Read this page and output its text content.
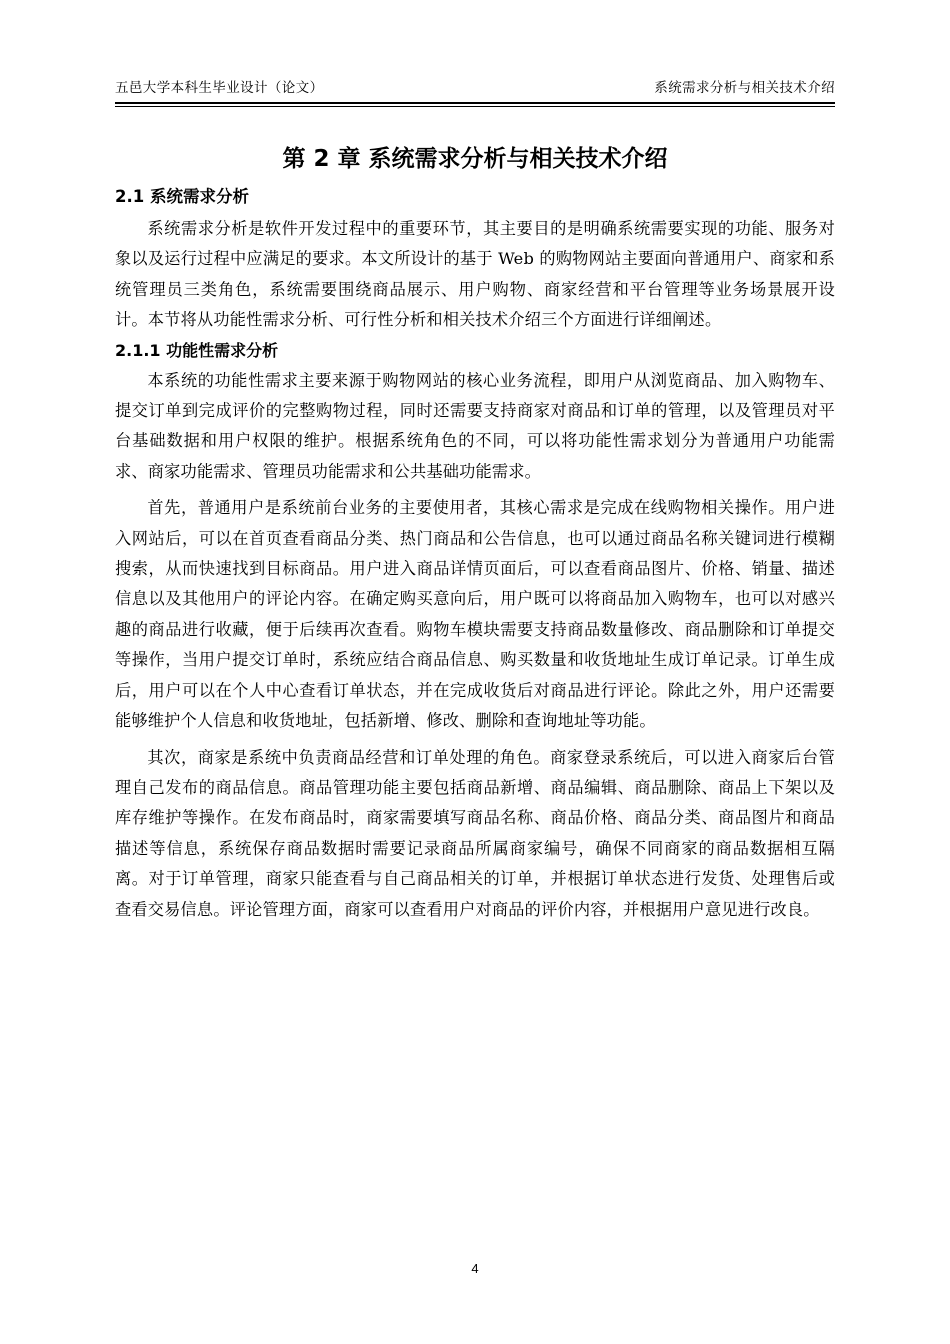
五邑大学本科生毕业设计（论文）	系统需求分析与相关技术介绍
第 2 章 系统需求分析与相关技术介绍
2.1 系统需求分析

系统需求分析是软件开发过程中的重要环节，其主要目的是明确系统需要实现的功能、服务对象以及运行过程中应满足的要求。本文所设计的基于 Web 的购物网站主要面向普通用户、商家和系统管理员三类角色，系统需要围绕商品展示、用户购物、商家经营和平台管理等业务场景展开设计。本节将从功能性需求分析、可行性分析和相关技术介绍三个方面进行详细阐述。

2.1.1 功能性需求分析

本系统的功能性需求主要来源于购物网站的核心业务流程，即用户从浏览商品、加入购物车、提交订单到完成评价的完整购物过程，同时还需要支持商家对商品和订单的管理，以及管理员对平台基础数据和用户权限的维护。根据系统角色的不同，可以将功能性需求划分为普通用户功能需求、商家功能需求、管理员功能需求和公共基础功能需求。

首先，普通用户是系统前台业务的主要使用者，其核心需求是完成在线购物相关操作。用户进入网站后，可以在首页查看商品分类、热门商品和公告信息，也可以通过商品名称关键词进行模糊搜索，从而快速找到目标商品。用户进入商品详情页面后，可以查看商品图片、价格、销量、描述信息以及其他用户的评论内容。在确定购买意向后，用户既可以将商品加入购物车，也可以对感兴趣的商品进行收藏，便于后续再次查看。购物车模块需要支持商品数量修改、商品删除和订单提交等操作，当用户提交订单时，系统应结合商品信息、购买数量和收货地址生成订单记录。订单生成后，用户可以在个人中心查看订单状态，并在完成收货后对商品进行评论。除此之外，用户还需要能够维护个人信息和收货地址，包括新增、修改、删除和查询地址等功能。

其次，商家是系统中负责商品经营和订单处理的角色。商家登录系统后，可以进入商家后台管理自己发布的商品信息。商品管理功能主要包括商品新增、商品编辑、商品删除、商品上下架以及库存维护等操作。在发布商品时，商家需要填写商品名称、商品价格、商品分类、商品图片和商品描述等信息，系统保存商品数据时需要记录商品所属商家编号，确保不同商家的商品数据相互隔离。对于订单管理，商家只能查看与自己商品相关的订单，并根据订单状态进行发货、处理售后或查看交易信息。评论管理方面，商家可以查看用户对商品的评价内容，并根据用户意见进行改良。

4
